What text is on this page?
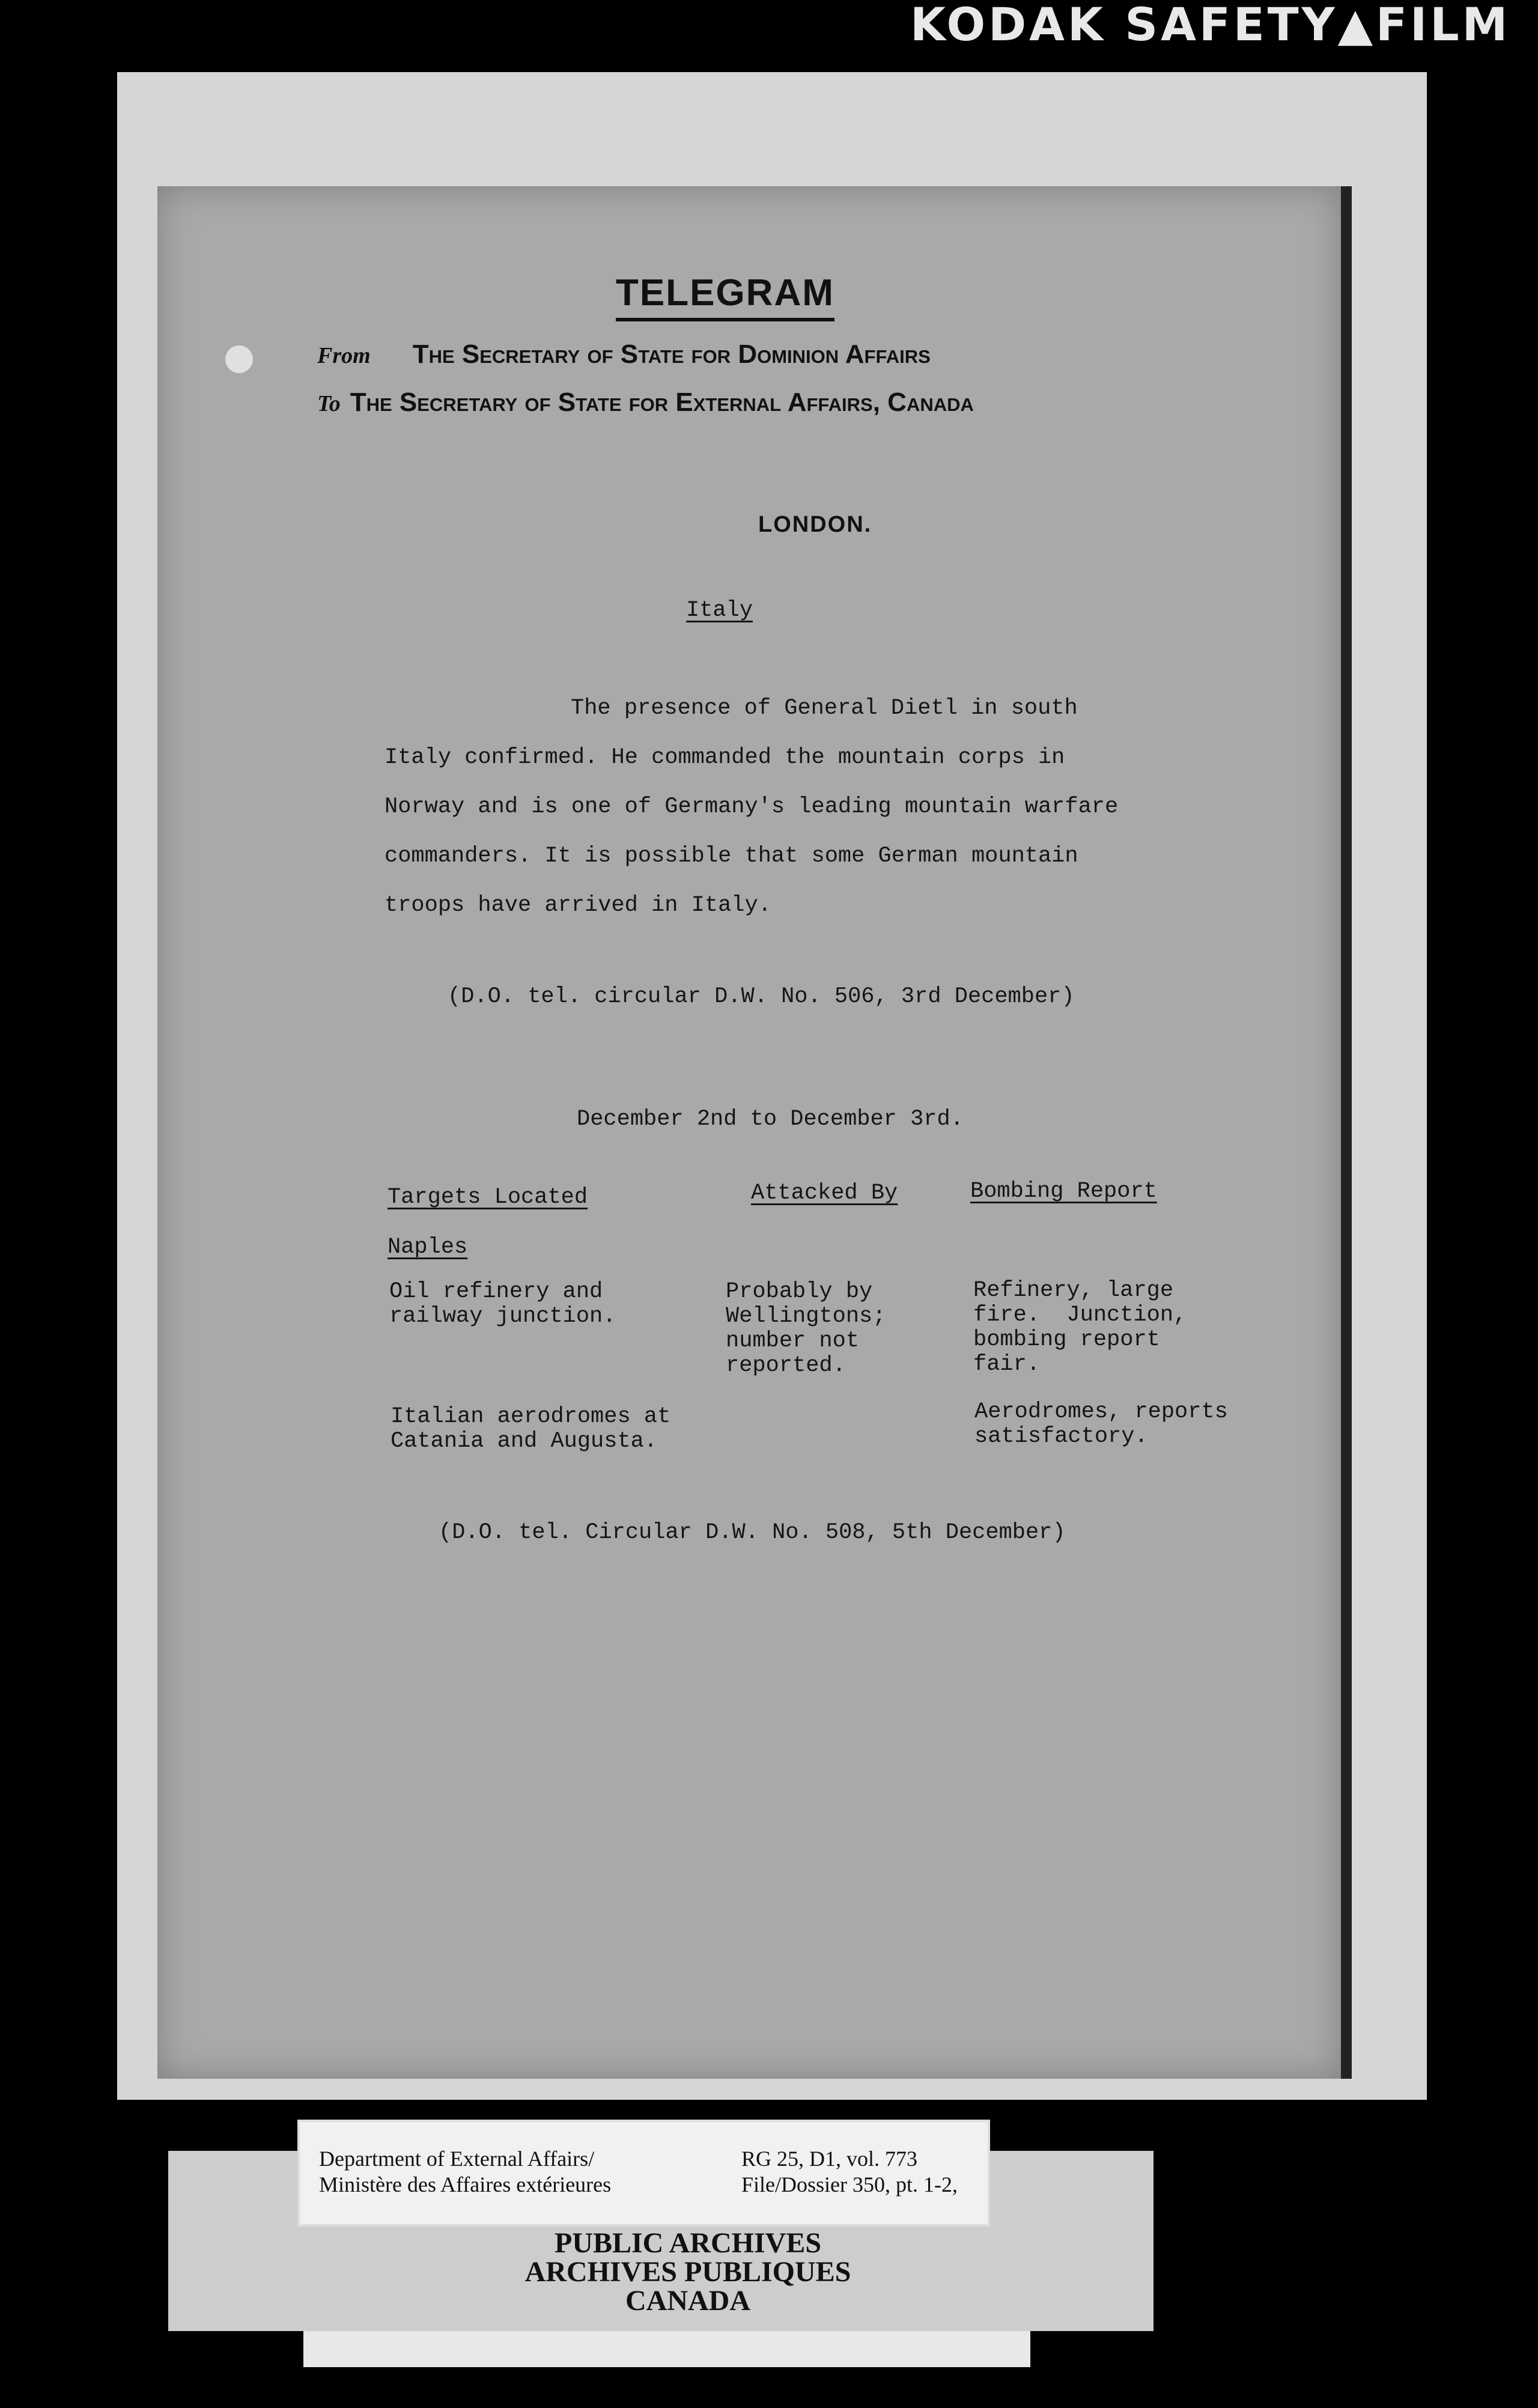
KODAK SAFETY▲FILM
TELEGRAM
From The Secretary of State for Dominion Affairs
To The Secretary of State for External Affairs, Canada
LONDON.
Italy
The presence of General Dietl in south
Italy confirmed. He commanded the mountain corps in
Norway and is one of Germany's leading mountain warfare
commanders. It is possible that some German mountain
troops have arrived in Italy.
(D.O. tel. circular D.W. No. 506, 3rd December)
December 2nd to December 3rd.
Targets Located	Attacked By	Bombing Report
Naples
Oil refinery and
railway junction.
Probably by
Wellingtons;
number not
reported.
Refinery, large
fire.  Junction,
bombing report
fair.
Italian aerodromes at
Catania and Augusta.
Aerodromes, reports
satisfactory.
(D.O. tel. Circular D.W. No. 508, 5th December)
Department of External Affairs/
Ministère des Affaires extérieures
RG 25, D1, vol. 773
File/Dossier 350, pt. 1-2,
PUBLIC ARCHIVES
ARCHIVES PUBLIQUES
CANADA
